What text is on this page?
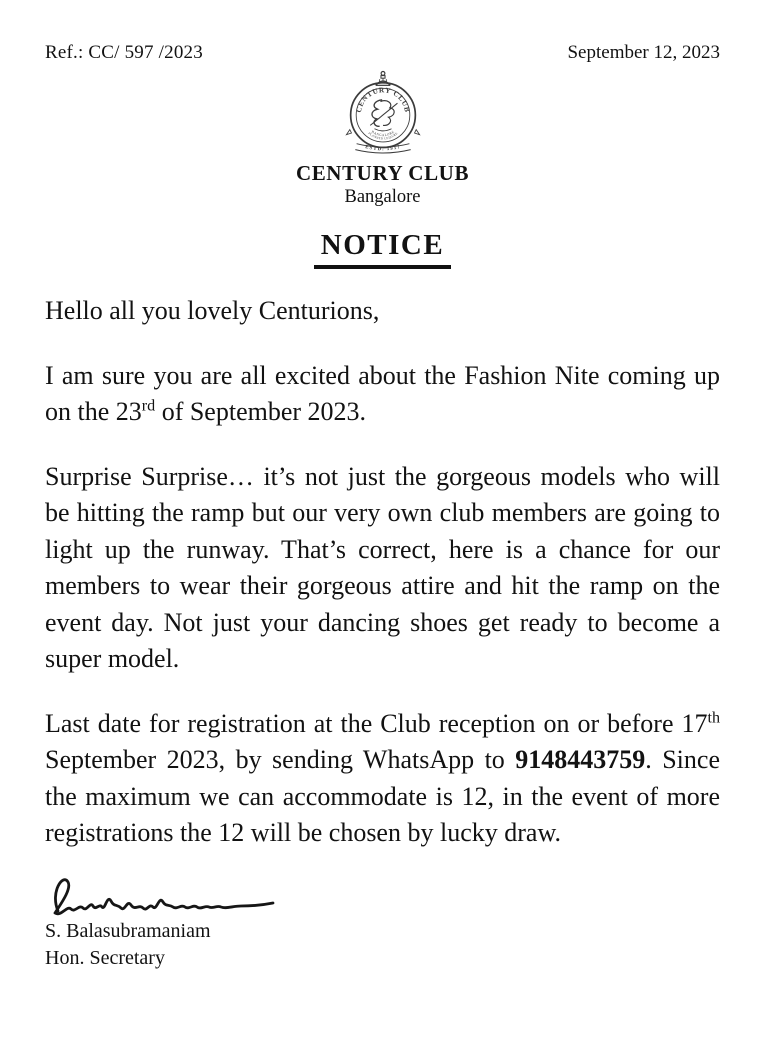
Ref.: CC/ 597 /2023	September 12, 2023
CENTURY CLUB
BANGALORE
PLANNED LEISURE
ESTD. 1917
CENTURY CLUB
Bangalore
NOTICE

Hello all you lovely Centurions,

I am sure you are all excited about the Fashion Nite coming up on the 23rd of September 2023.

Surprise Surprise… it’s not just the gorgeous models who will be hitting the ramp but our very own club members are going to light up the runway. That’s correct, here is a chance for our members to wear their gorgeous attire and hit the ramp on the event day. Not just your dancing shoes get ready to become a super model.

Last date for registration at the Club reception on or before 17th September 2023, by sending WhatsApp to 9148443759. Since the maximum we can accommodate is 12, in the event of more registrations the 12 will be chosen by lucky draw.

S. Balasubramaniam
Hon. Secretary
